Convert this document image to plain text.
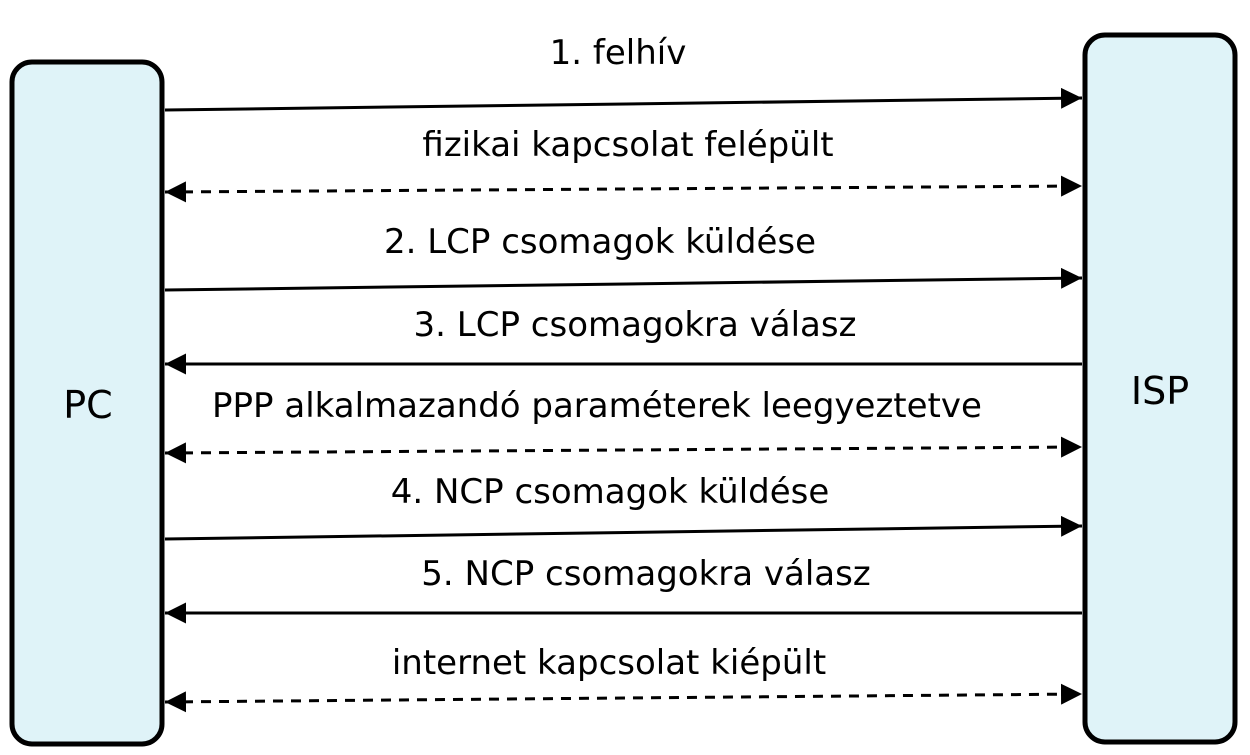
PC	ISP
1. felhív
fizikai kapcsolat felépült
2. LCP csomagok küldése
3. LCP csomagokra válasz
PPP alkalmazandó paraméterek leegyeztetve
4. NCP csomagok küldése
5. NCP csomagokra válasz
internet kapcsolat kiépült
